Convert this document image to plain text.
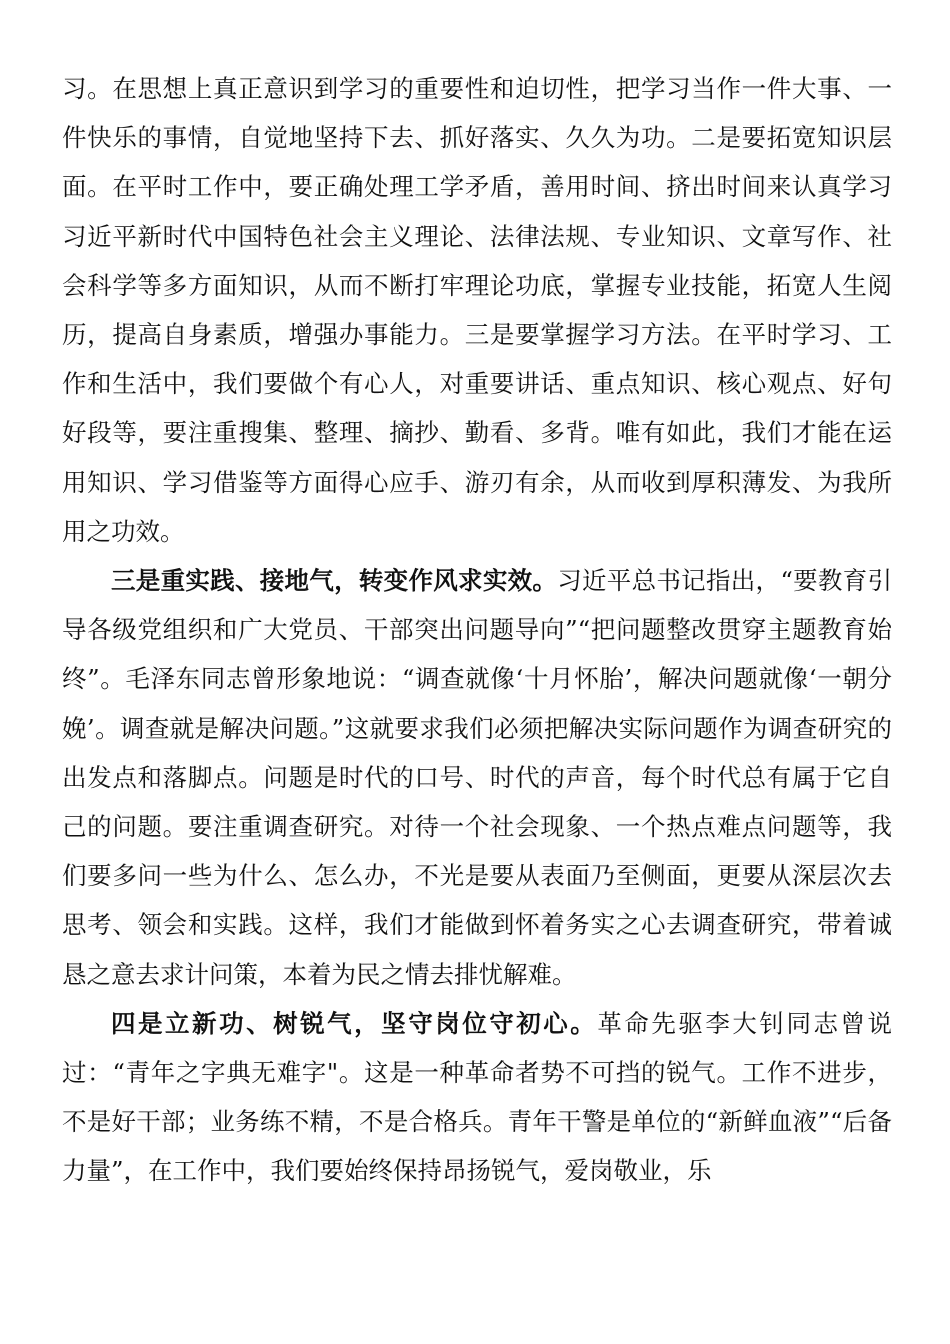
习。在思想上真正意识到学习的重要性和迫切性，把学习当作一件大事、一件快乐的事情，自觉地坚持下去、抓好落实、久久为功。二是要拓宽知识层面。在平时工作中，要正确处理工学矛盾，善用时间、挤出时间来认真学习习近平新时代中国特色社会主义理论、法律法规、专业知识、文章写作、社会科学等多方面知识，从而不断打牢理论功底，掌握专业技能，拓宽人生阅历，提高自身素质，增强办事能力。三是要掌握学习方法。在平时学习、工作和生活中，我们要做个有心人，对重要讲话、重点知识、核心观点、好句好段等，要注重搜集、整理、摘抄、勤看、多背。唯有如此，我们才能在运用知识、学习借鉴等方面得心应手、游刃有余，从而收到厚积薄发、为我所用之功效。

三是重实践、接地气，转变作风求实效。习近平总书记指出，“要教育引导各级党组织和广大党员、干部突出问题导向”“把问题整改贯穿主题教育始终”。毛泽东同志曾形象地说：“调查就像‘十月怀胎’，解决问题就像‘一朝分娩’。调查就是解决问题。”这就要求我们必须把解决实际问题作为调查研究的出发点和落脚点。问题是时代的口号、时代的声音，每个时代总有属于它自己的问题。要注重调查研究。对待一个社会现象、一个热点难点问题等，我们要多问一些为什么、怎么办，不光是要从表面乃至侧面，更要从深层次去思考、领会和实践。这样，我们才能做到怀着务实之心去调查研究，带着诚恳之意去求计问策，本着为民之情去排忧解难。

四是立新功、树锐气，坚守岗位守初心。革命先驱李大钊同志曾说过：“青年之字典无难字"。这是一种革命者势不可挡的锐气。工作不进步，不是好干部；业务练不精，不是合格兵。青年干警是单位的“新鲜血液”“后备力量”，在工作中，我们要始终保持昂扬锐气，爱岗敬业，乐
